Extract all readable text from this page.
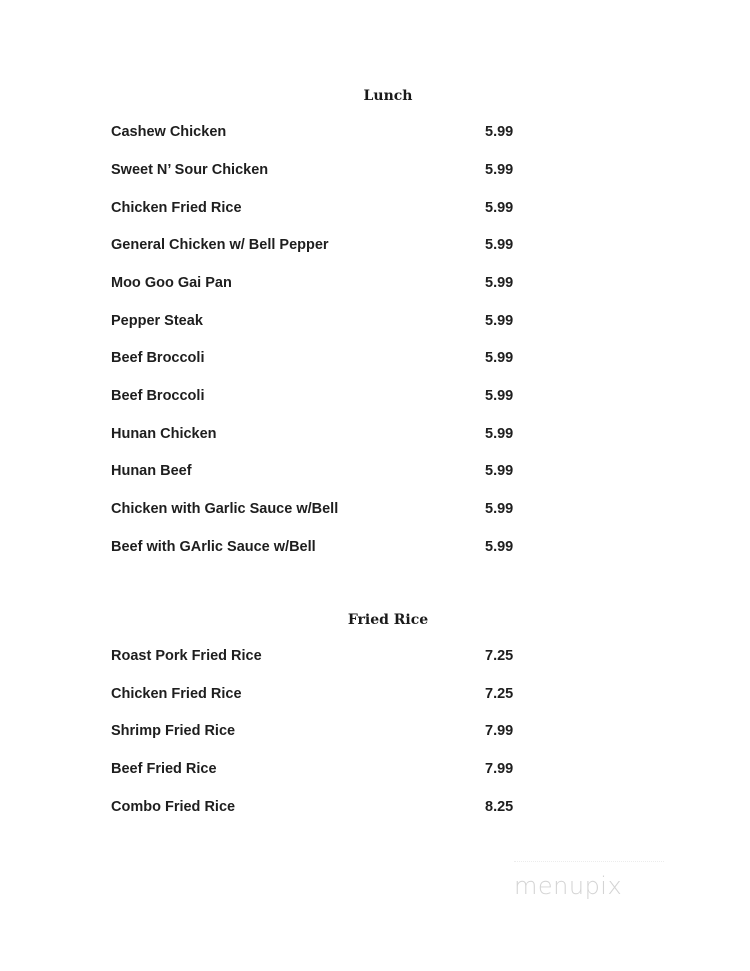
Lunch
Cashew Chicken	5.99
Sweet N’ Sour Chicken	5.99
Chicken Fried Rice	5.99
General Chicken w/ Bell Pepper	5.99
Moo Goo Gai Pan	5.99
Pepper Steak	5.99
Beef Broccoli	5.99
Beef Broccoli	5.99
Hunan Chicken	5.99
Hunan Beef	5.99
Chicken with Garlic Sauce w/Bell	5.99
Beef with GArlic Sauce w/Bell	5.99
Fried Rice
Roast Pork Fried Rice	7.25
Chicken Fried Rice	7.25
Shrimp Fried Rice	7.99
Beef Fried Rice	7.99
Combo Fried Rice	8.25
menupix
